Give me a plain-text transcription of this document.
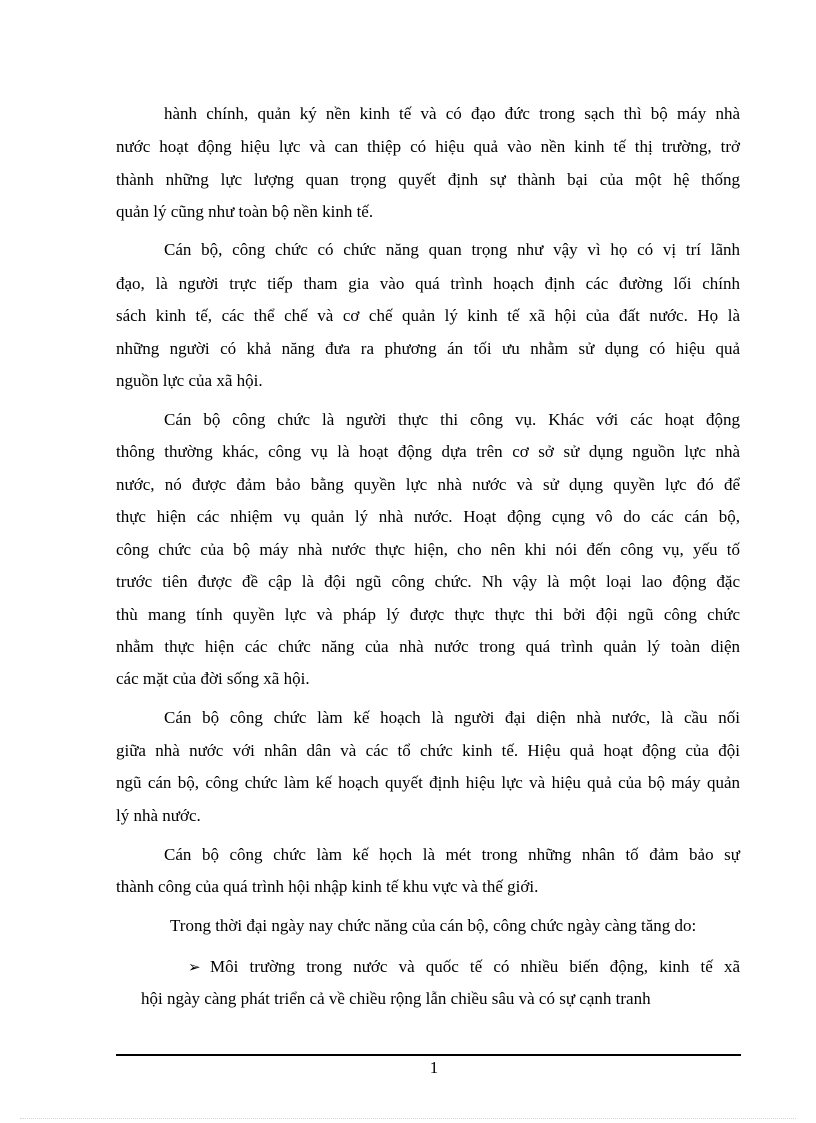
hành chính, quản ký nền kinh tế và có đạo đức trong sạch thì bộ máy nhà
nước hoạt động hiệu lực và can thiệp có hiệu quả vào nền kinh tế thị trường, trở
thành những lực lượng quan trọng quyết định sự thành bại của một hệ thống
quản lý cũng như toàn bộ nền kinh tế.
Cán bộ, công chức có chức năng quan trọng như vậy vì họ có vị trí lãnh
đạo, là người trực tiếp tham gia vào quá trình hoạch định các đường lối chính
sách kinh tế, các thể chế và cơ chế quản lý kinh tế xã hội của đất nước. Họ là
những người có khả năng đưa ra phương án tối ưu nhằm sử dụng có hiệu quả
nguồn lực của xã hội.
Cán bộ công chức là người thực thi công vụ. Khác với các hoạt động
thông thường khác, công vụ là hoạt động dựa trên cơ sở sử dụng nguồn lực nhà
nước, nó được đảm bảo bằng quyền lực nhà nước và sử dụng quyền lực đó để
thực hiện các nhiệm vụ quản lý nhà nước. Hoạt động cụng vô do các cán bộ,
công chức của bộ máy nhà nước thực hiện, cho nên khi nói đến công vụ, yếu tố
trước tiên được đề cập là đội ngũ công chức. Nh vậy là một loại lao động đặc
thù mang tính quyền lực và pháp lý được thực thực thi bởi đội ngũ công chức
nhằm thực hiện các chức năng của nhà nước trong quá trình quản lý toàn diện
các mặt của đời sống xã hội.
Cán bộ công chức làm kế hoạch là người đại diện nhà nước, là cầu nối
giữa nhà nước với nhân dân và các tổ chức kinh tế. Hiệu quả hoạt động của đội
ngũ cán bộ, công chức làm kế hoạch quyết định hiệu lực và hiệu quả của bộ máy quản
lý nhà nước.
Cán bộ công chức làm kế họch là mét trong những nhân tố đảm bảo sự
thành công của quá trình hội nhập kinh tế khu vực và thế giới.
Trong thời đại ngày nay chức năng của cán bộ, công chức ngày càng tăng do:
➢ Môi trường trong nước và quốc tế có nhiều biến động, kinh tế xã
hội ngày càng phát triển cả về chiều rộng lẫn chiều sâu và có sự cạnh tranh
1
